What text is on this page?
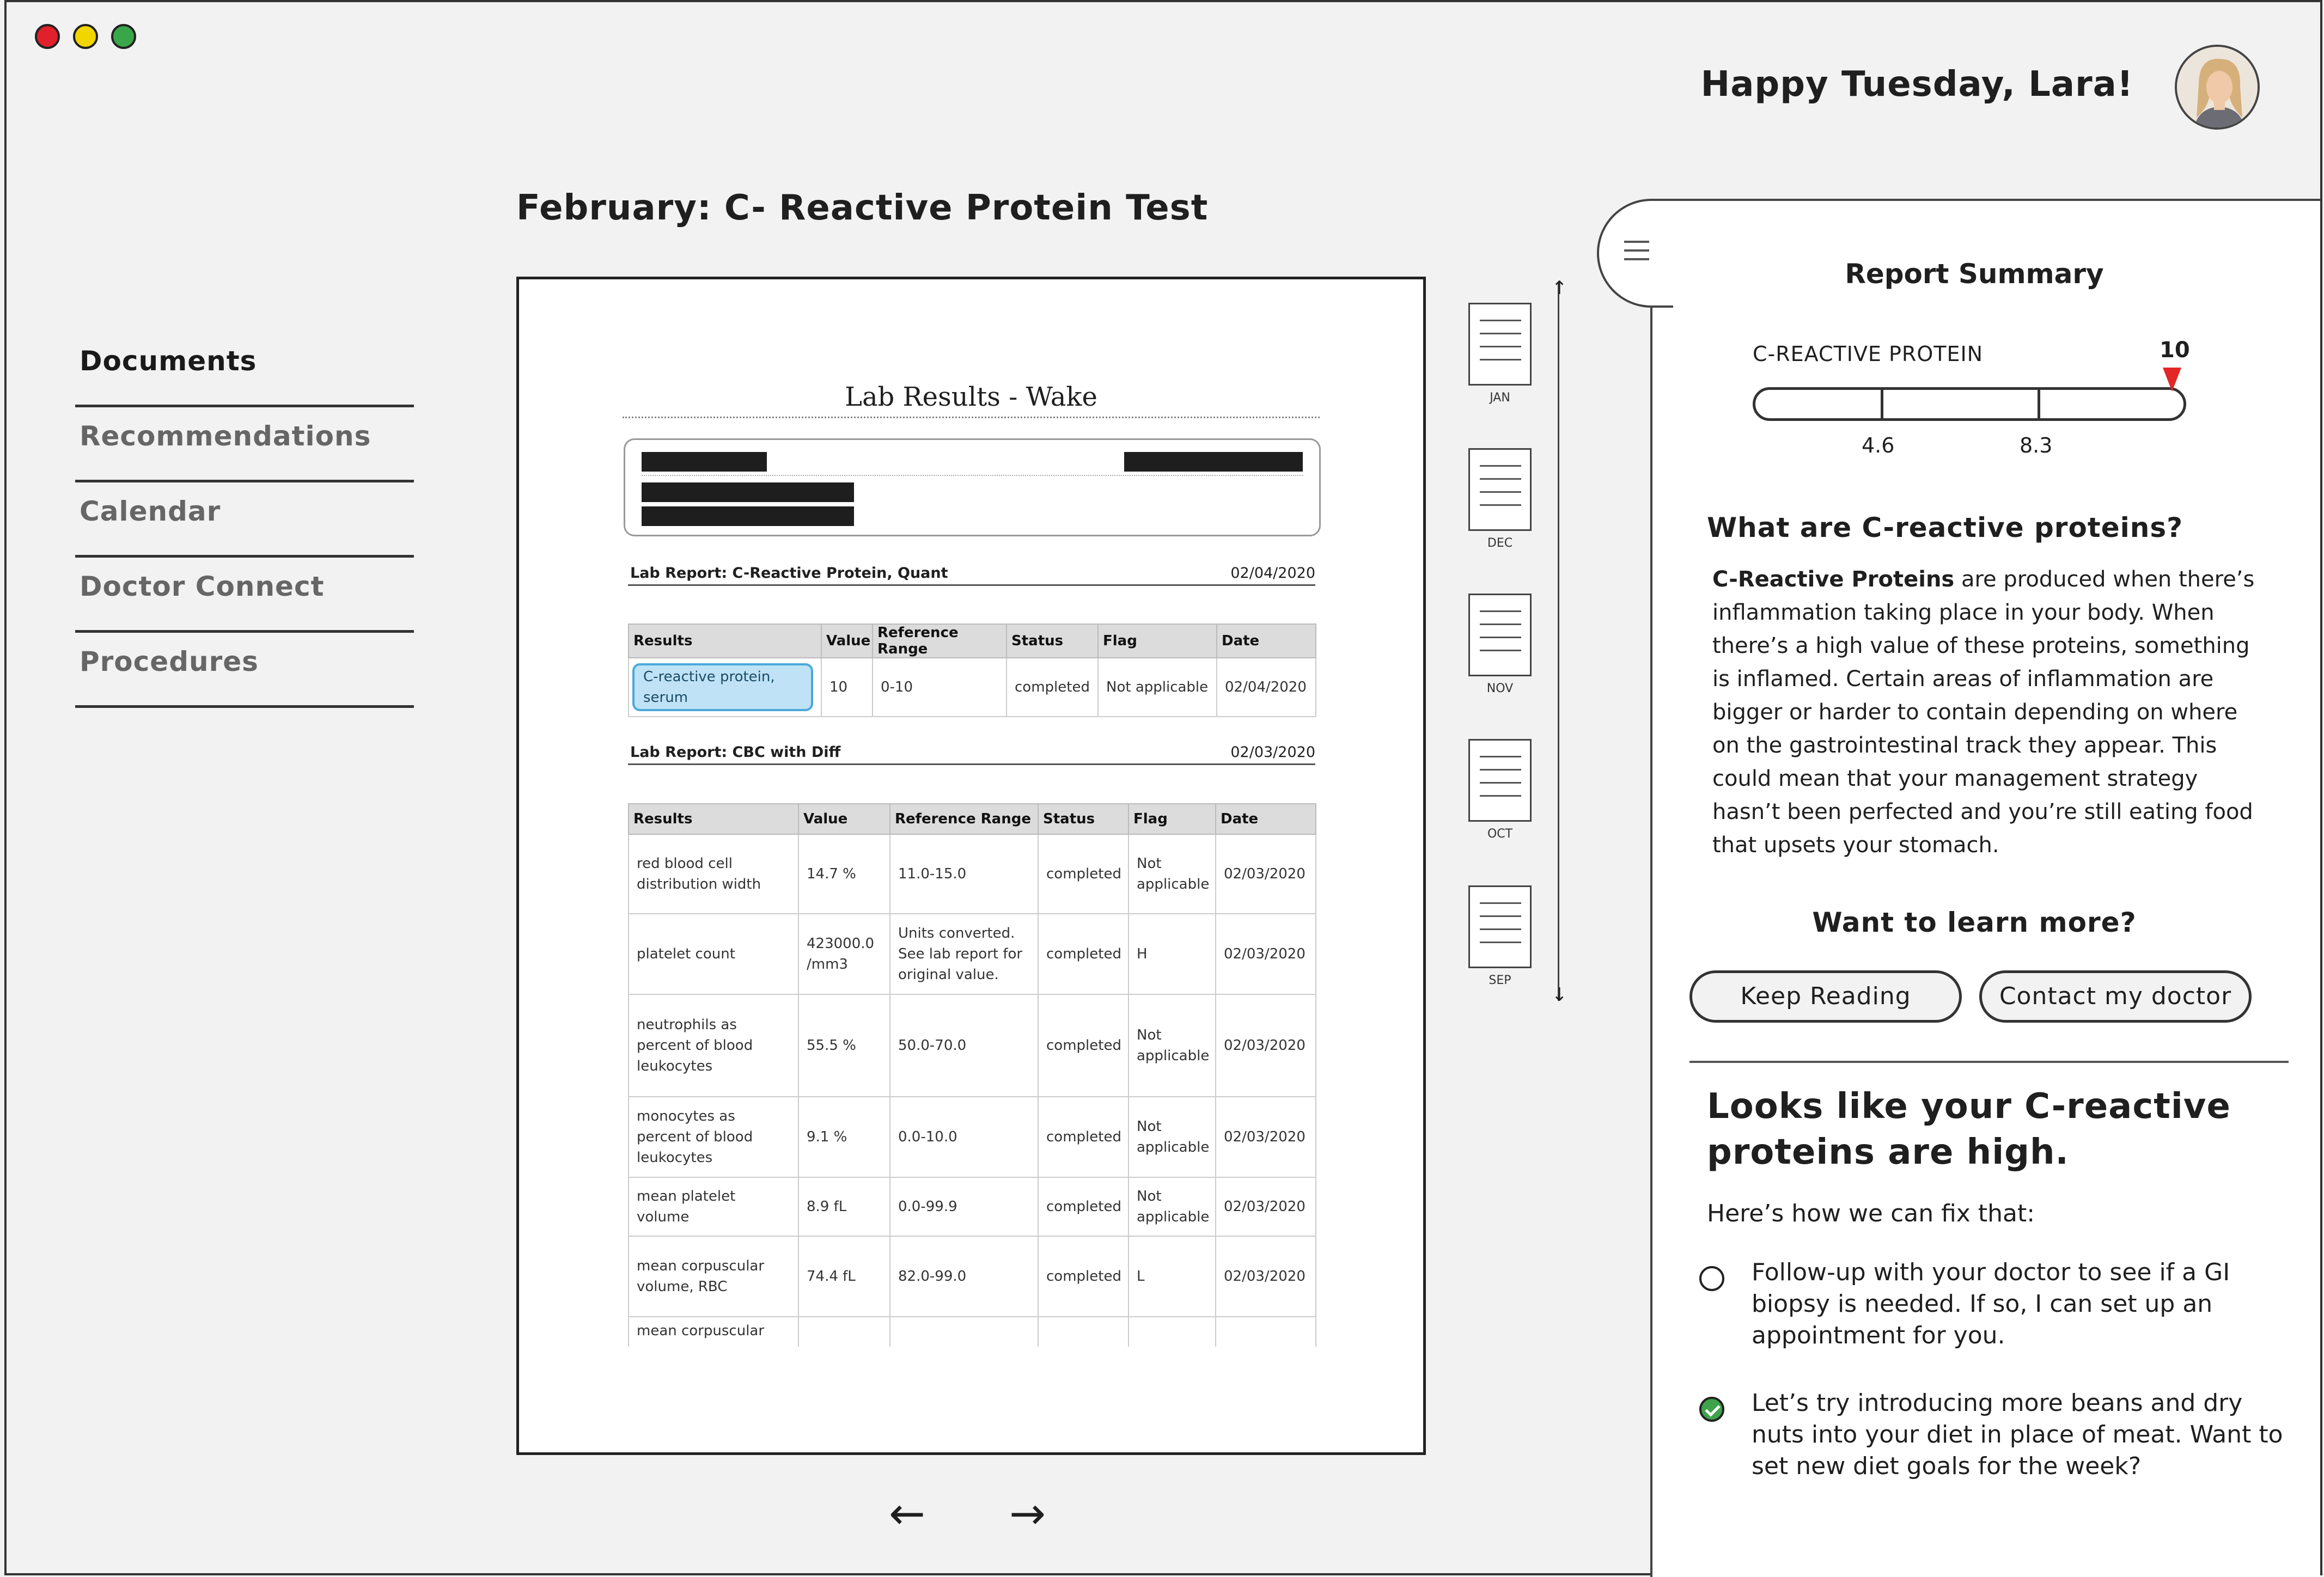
Happy Tuesday, Lara!
Documents
Recommendations
Calendar
Doctor Connect
Procedures
February: C- Reactive Protein Test
Lab Results - Wake
Lab Report: C-Reactive Protein, Quant	02/04/2020
Results	Value	Reference Range	Status	Flag	Date
C-reactive protein, serum	10	0-10	completed	Not applicable	02/04/2020
Lab Report: CBC with Diff	02/03/2020
Results	Value	Reference Range	Status	Flag	Date
red blood cell distribution width	14.7 %	11.0-15.0	completed	Not applicable	02/03/2020
platelet count	423000.0 /mm3	Units converted. See lab report for original value.	completed	H	02/03/2020
neutrophils as percent of blood leukocytes	55.5 %	50.0-70.0	completed	Not applicable	02/03/2020
monocytes as percent of blood leukocytes	9.1 %	0.0-10.0	completed	Not applicable	02/03/2020
mean platelet volume	8.9 fL	0.0-99.9	completed	Not applicable	02/03/2020
mean corpuscular volume, RBC	74.4 fL	82.0-99.0	completed	L	02/03/2020
mean corpuscular					
← →
JAN
DEC
NOV
OCT
SEP
↑
↓
Report Summary
C-REACTIVE PROTEIN	10
4.6	8.3
What are C-reactive proteins?
C-Reactive Proteins are produced when there’s inflammation taking place in your body. When there’s a high value of these proteins, something is inflamed. Certain areas of inflammation are bigger or harder to contain depending on where on the gastrointestinal track they appear. This could mean that your management strategy hasn’t been perfected and you’re still eating food that upsets your stomach.
Want to learn more?
Keep Reading	Contact my doctor
Looks like your C-reactive proteins are high.
Here’s how we can fix that:
Follow-up with your doctor to see if a GI biopsy is needed. If so, I can set up an appointment for you.
Let’s try introducing more beans and dry nuts into your diet in place of meat. Want to set new diet goals for the week?
